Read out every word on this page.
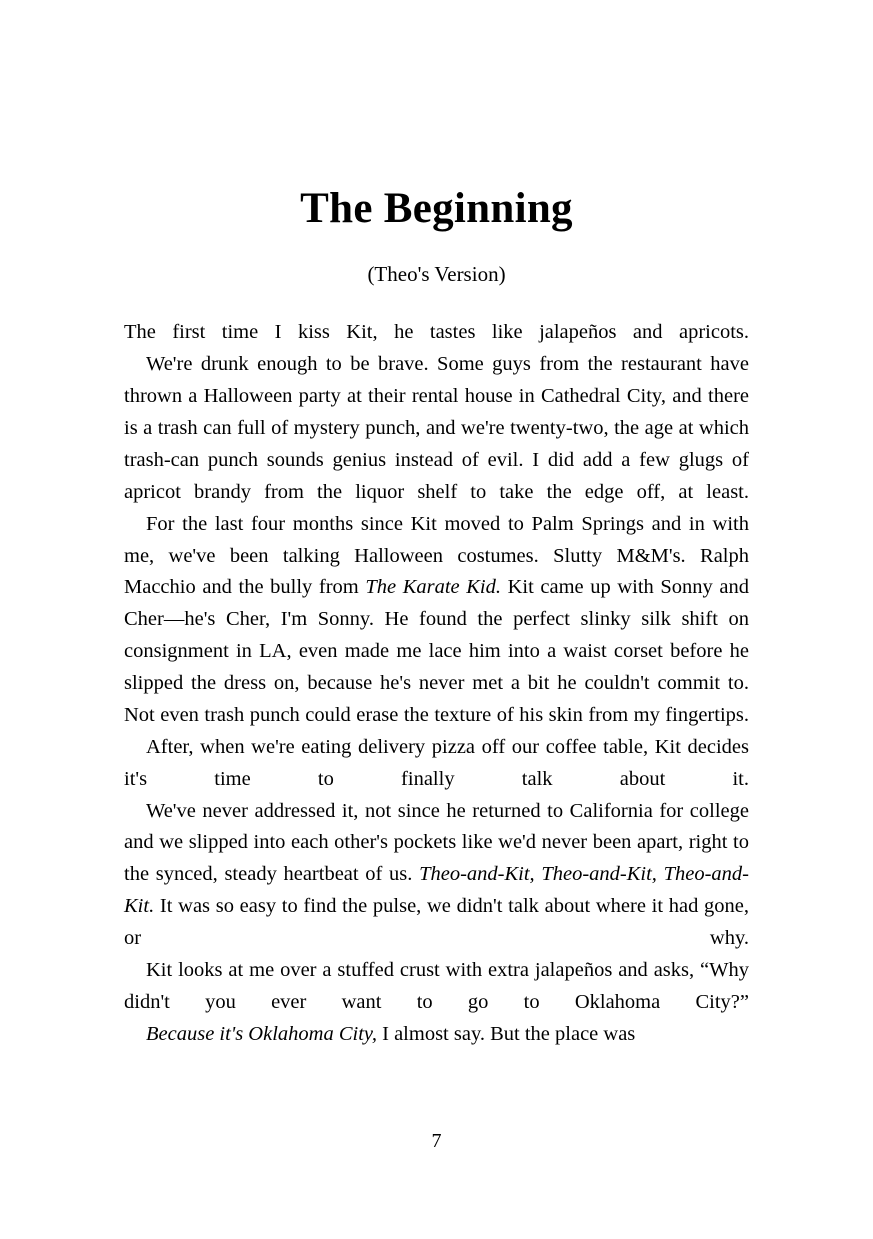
The Beginning
(Theo's Version)

The first time I kiss Kit, he tastes like jalapeños and apricots.

We're drunk enough to be brave. Some guys from the restaurant have thrown a Halloween party at their rental house in Cathedral City, and there is a trash can full of mystery punch, and we're twenty-two, the age at which trash-can punch sounds genius instead of evil. I did add a few glugs of apricot brandy from the liquor shelf to take the edge off, at least.

For the last four months since Kit moved to Palm Springs and in with me, we've been talking Halloween costumes. Slutty M&M's. Ralph Macchio and the bully from The Karate Kid. Kit came up with Sonny and Cher—he's Cher, I'm Sonny. He found the perfect slinky silk shift on consignment in LA, even made me lace him into a waist corset before he slipped the dress on, because he's never met a bit he couldn't commit to. Not even trash punch could erase the texture of his skin from my fingertips.

After, when we're eating delivery pizza off our coffee table, Kit decides it's time to finally talk about it.

We've never addressed it, not since he returned to California for college and we slipped into each other's pockets like we'd never been apart, right to the synced, steady heartbeat of us. Theo-and-Kit, Theo-and-Kit, Theo-and-Kit. It was so easy to find the pulse, we didn't talk about where it had gone, or why.

Kit looks at me over a stuffed crust with extra jalapeños and asks, “Why didn't you ever want to go to Oklahoma City?”

Because it's Oklahoma City, I almost say. But the place was

7
